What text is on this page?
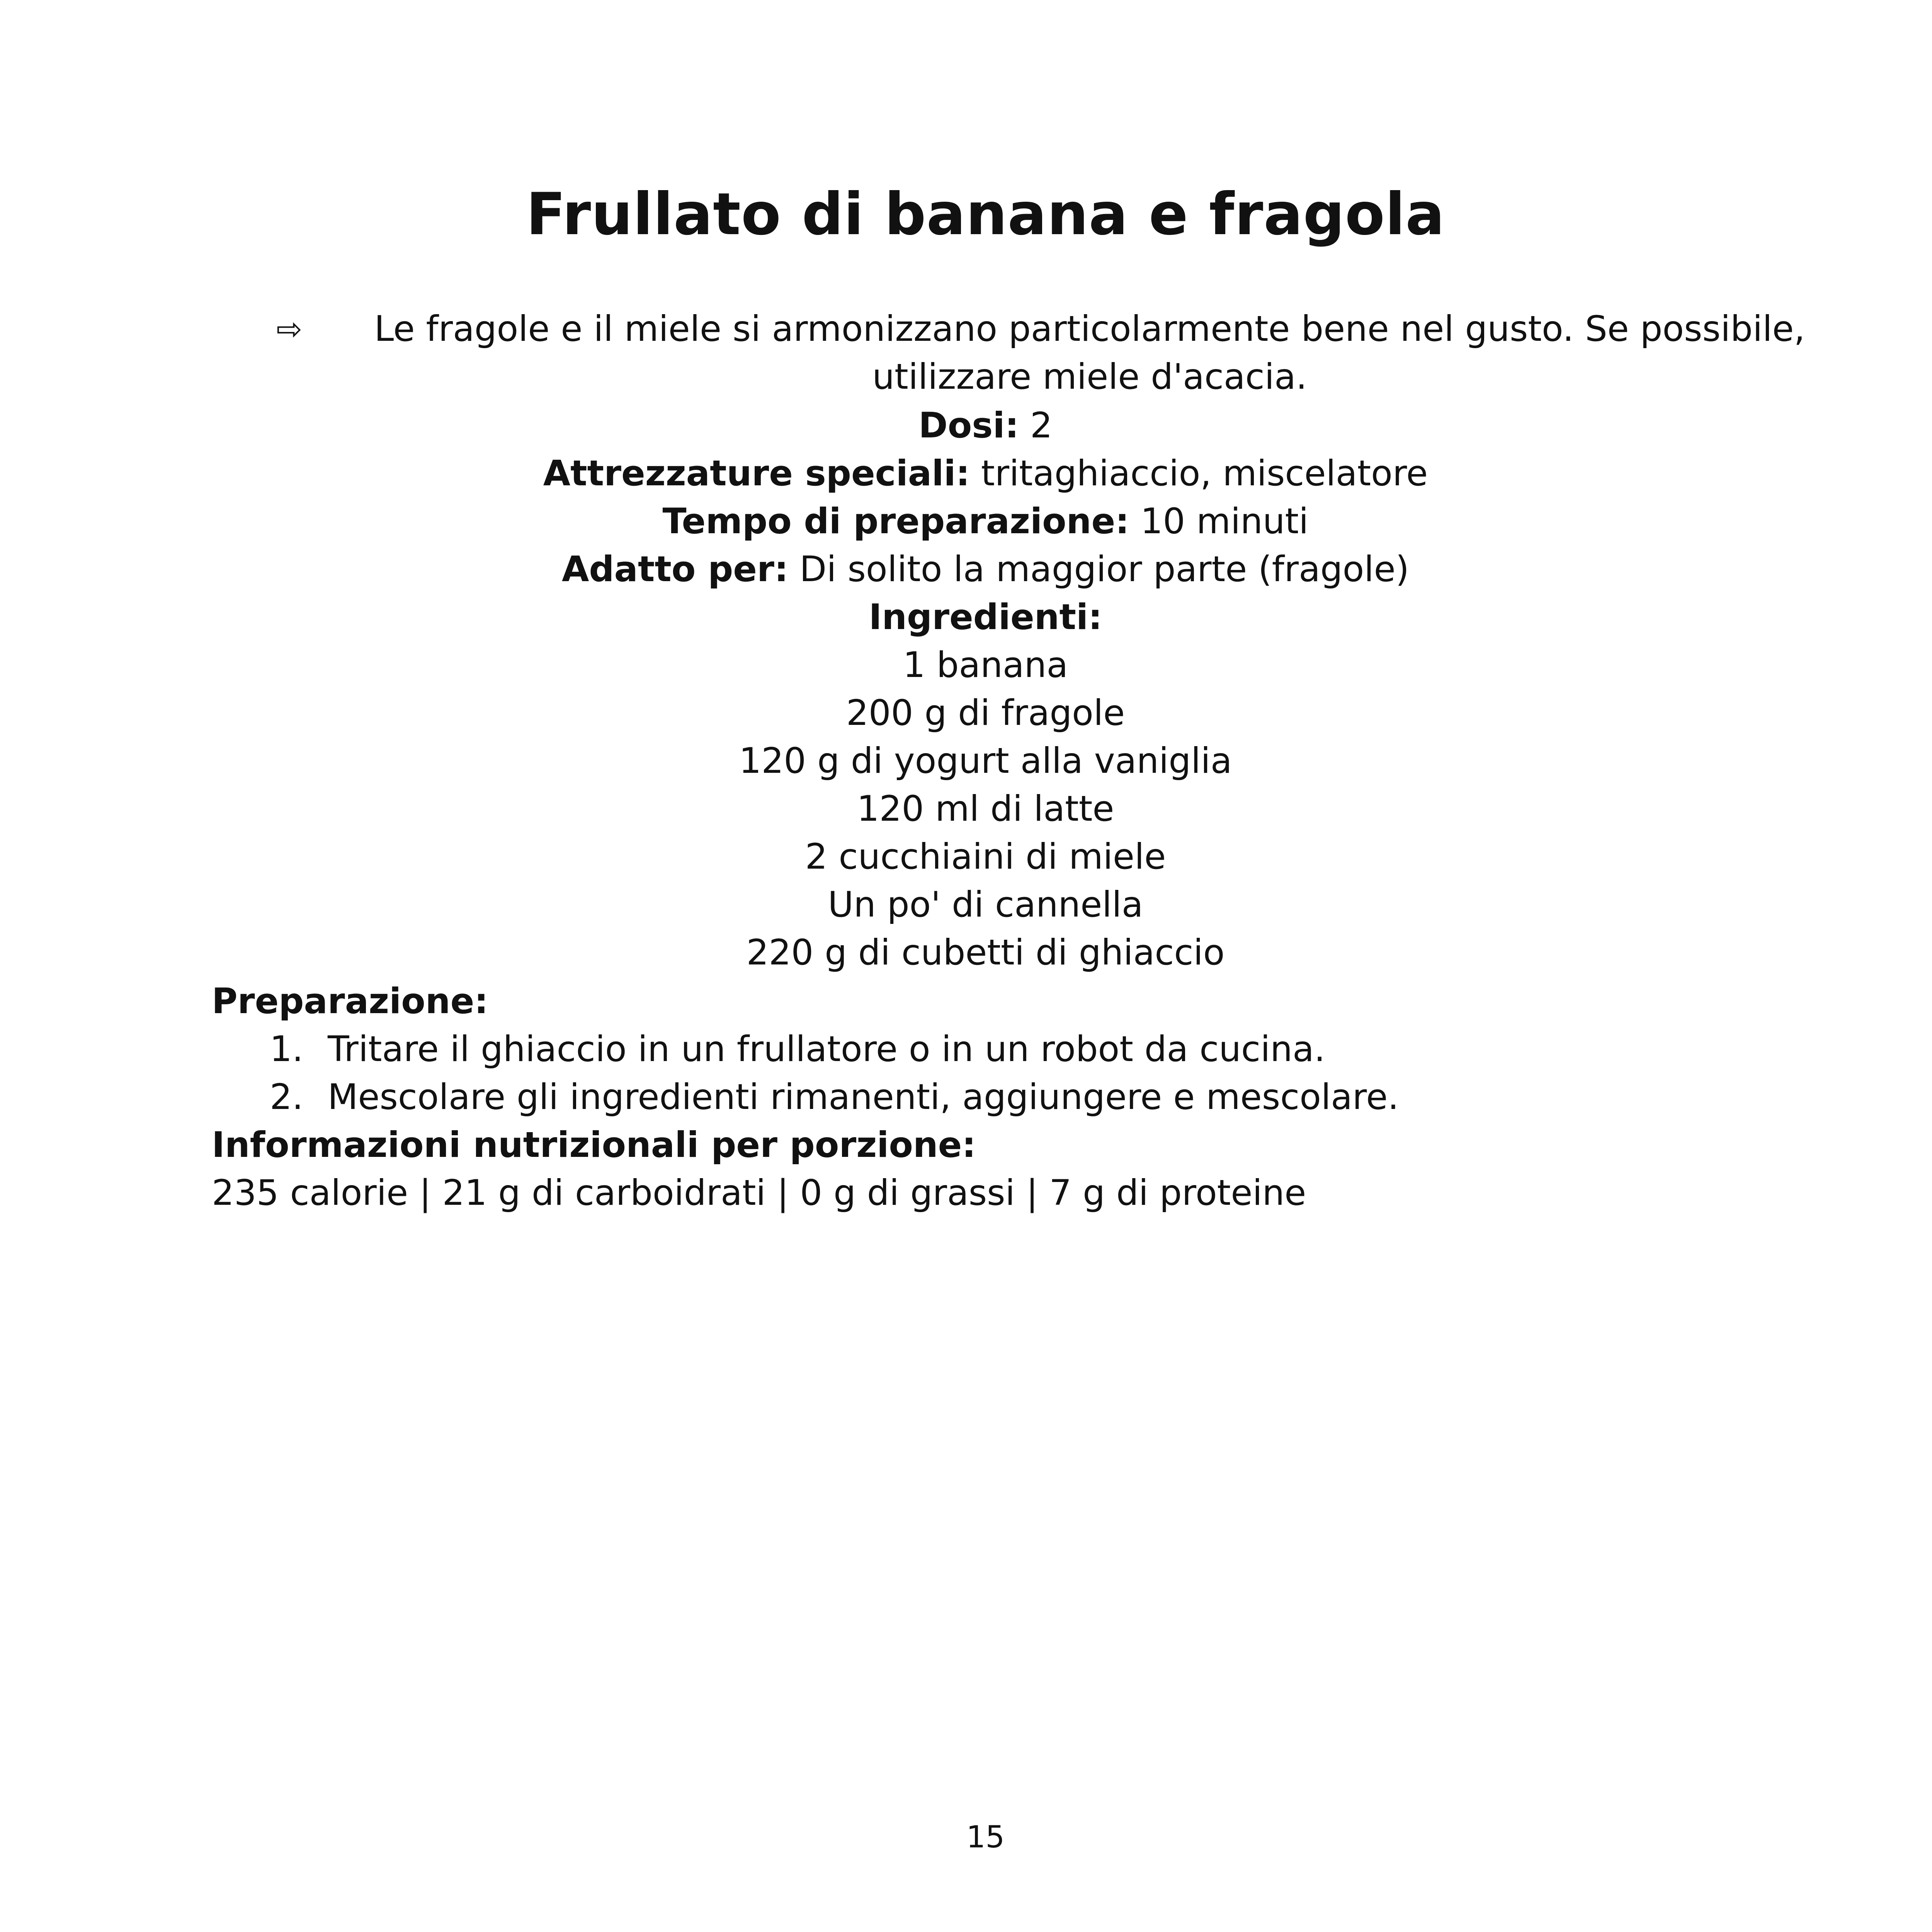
Frullato di banana e fragola
⇨	Le fragole e il miele si armonizzano particolarmente bene nel gusto. Se possibile, utilizzare miele d'acacia.
Dosi: 2
Attrezzature speciali: tritaghiaccio, miscelatore
Tempo di preparazione: 10 minuti
Adatto per: Di solito la maggior parte (fragole)
Ingredienti:
1 banana
200 g di fragole
120 g di yogurt alla vaniglia
120 ml di latte
2 cucchiaini di miele
Un po' di cannella
220 g di cubetti di ghiaccio
Preparazione:
1. Tritare il ghiaccio in un frullatore o in un robot da cucina.
2. Mescolare gli ingredienti rimanenti, aggiungere e mescolare.
Informazioni nutrizionali per porzione:
235 calorie | 21 g di carboidrati | 0 g di grassi | 7 g di proteine
15
